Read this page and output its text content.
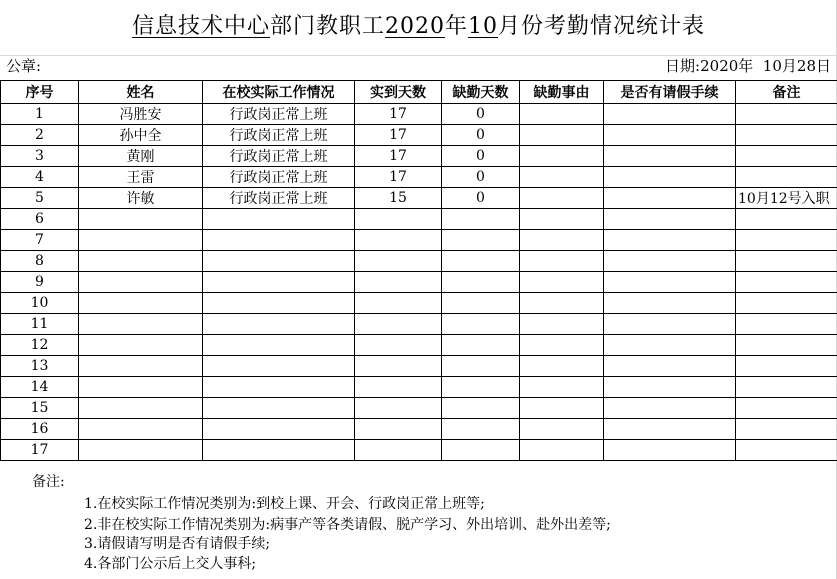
信息技术中心部门教职工2020年10月份考勤情况统计表
公章:	日期:2020年  10月28日
序号	姓名	在校实际工作情况	实到天数	缺勤天数	缺勤事由	是否有请假手续	备注
1	冯胜安	行政岗正常上班	17	0			
2	孙中全	行政岗正常上班	17	0			
3	黄刚	行政岗正常上班	17	0			
4	王雷	行政岗正常上班	17	0			
5	许敏	行政岗正常上班	15	0			10月12号入职
6							
7							
8							
9							
10							
11							
12							
13							
14							
15							
16							
17							
备注:
1.在校实际工作情况类别为:到校上课、开会、行政岗正常上班等;
2.非在校实际工作情况类别为:病事产等各类请假、脱产学习、外出培训、赴外出差等;
3.请假请写明是否有请假手续;
4.各部门公示后上交人事科;
